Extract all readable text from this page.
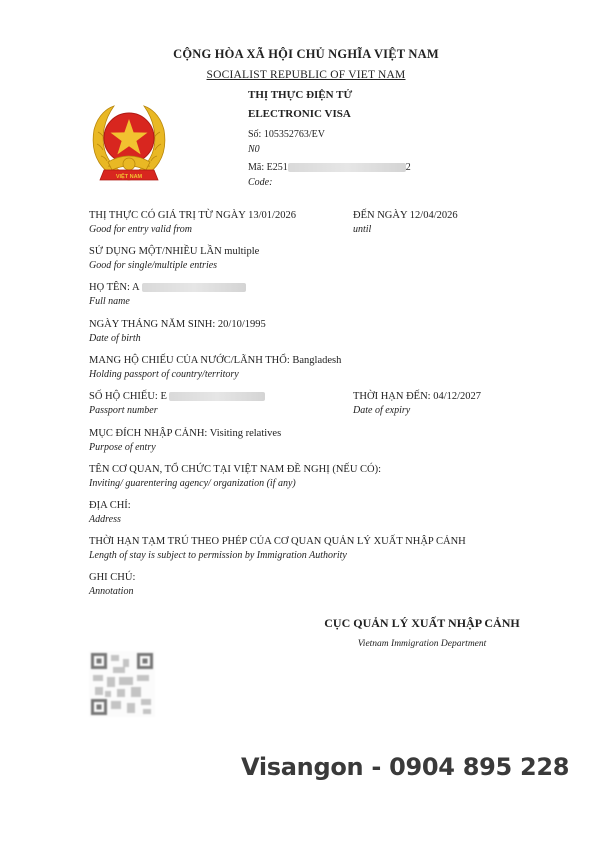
CỘNG HÒA XÃ HỘI CHỦ NGHĨA VIỆT NAM
SOCIALIST REPUBLIC OF VIET NAM
THỊ THỰC ĐIỆN TỬ
ELECTRONIC VISA
Số: 105352763/EV
N0
Mã: E251	2
Code:
VIỆT NAM
THỊ THỰC CÓ GIÁ TRỊ TỪ NGÀY 13/01/2026
Good for entry valid from
ĐẾN NGÀY 12/04/2026
until
SỬ DỤNG MỘT/NHIỀU LẦN multiple
Good for single/multiple entries
HỌ TÊN: A
Full name
NGÀY THÁNG NĂM SINH: 20/10/1995
Date of birth
MANG HỘ CHIẾU CỦA NƯỚC/LÃNH THỔ: Bangladesh
Holding passport of country/territory
SỐ HỘ CHIẾU: E
Passport number
THỜI HẠN ĐẾN: 04/12/2027
Date of expiry
MỤC ĐÍCH NHẬP CẢNH: Visiting relatives
Purpose of entry
TÊN CƠ QUAN, TỔ CHỨC TẠI VIỆT NAM ĐỀ NGHỊ (NẾU CÓ):
Inviting/ guarentering agency/ organization (if any)
ĐỊA CHỈ:
Address
THỜI HẠN TẠM TRÚ THEO PHÉP CỦA CƠ QUAN QUẢN LÝ XUẤT NHẬP CẢNH
Length of stay is subject to permission by Immigration Authority
GHI CHÚ:
Annotation
CỤC QUẢN LÝ XUẤT NHẬP CẢNH
Vietnam Immigration Department
Visangon - 0904 895 228
